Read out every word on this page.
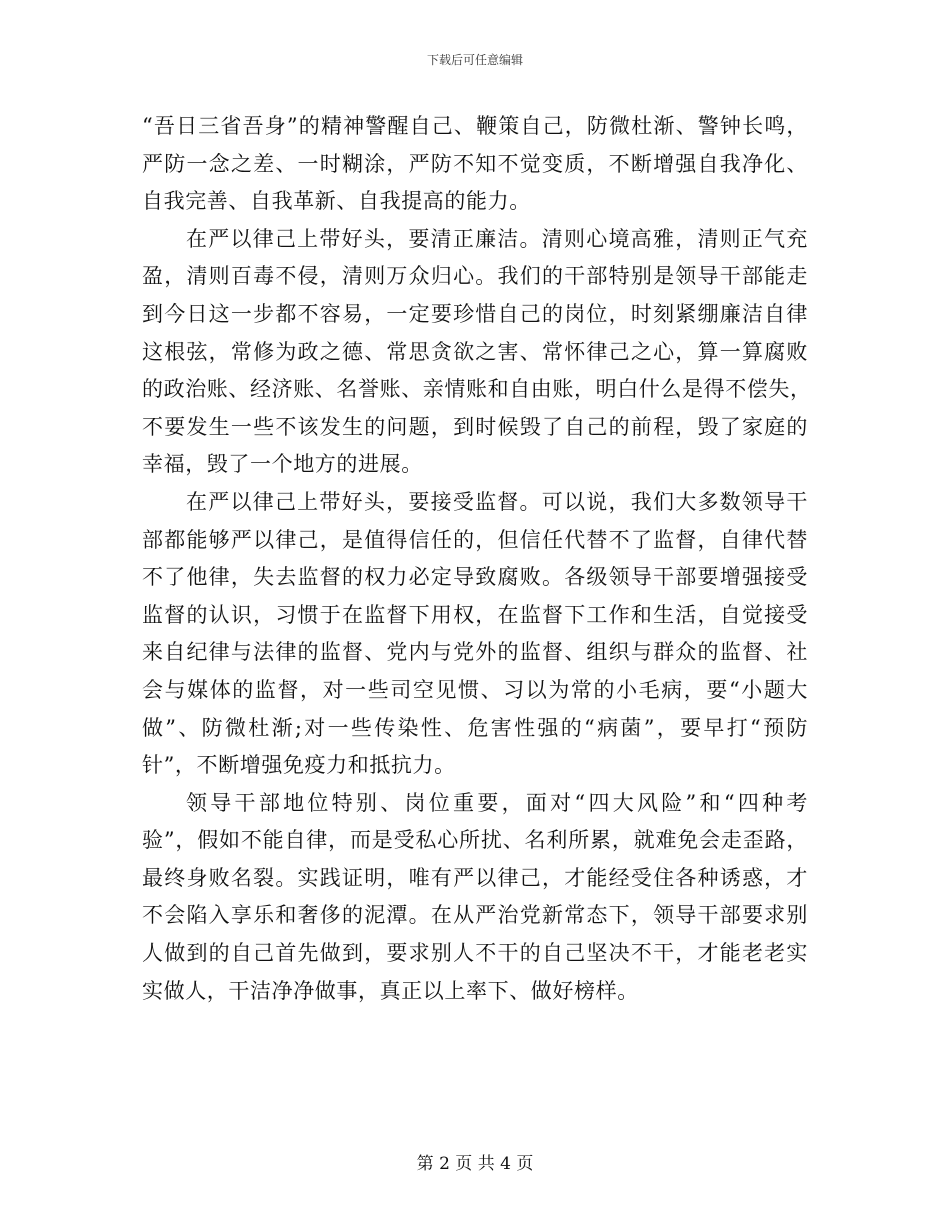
下载后可任意编辑
“吾日三省吾身”的精神警醒自己、鞭策自己，防微杜渐、警钟长鸣，
严防一念之差、一时糊涂，严防不知不觉变质，不断增强自我净化、
自我完善、自我革新、自我提高的能力。
在严以律己上带好头，要清正廉洁。清则心境高雅，清则正气充
盈，清则百毒不侵，清则万众归心。我们的干部特别是领导干部能走
到今日这一步都不容易，一定要珍惜自己的岗位，时刻紧绷廉洁自律
这根弦，常修为政之德、常思贪欲之害、常怀律己之心，算一算腐败
的政治账、经济账、名誉账、亲情账和自由账，明白什么是得不偿失，
不要发生一些不该发生的问题，到时候毁了自己的前程，毁了家庭的
幸福，毁了一个地方的进展。
在严以律己上带好头，要接受监督。可以说，我们大多数领导干
部都能够严以律己，是值得信任的，但信任代替不了监督，自律代替
不了他律，失去监督的权力必定导致腐败。各级领导干部要增强接受
监督的认识，习惯于在监督下用权，在监督下工作和生活，自觉接受
来自纪律与法律的监督、党内与党外的监督、组织与群众的监督、社
会与媒体的监督，对一些司空见惯、习以为常的小毛病，要“小题大
做”、防微杜渐;对一些传染性、危害性强的“病菌”，要早打“预防
针”，不断增强免疫力和抵抗力。
领导干部地位特别、岗位重要，面对“四大风险”和“四种考
验”，假如不能自律，而是受私心所扰、名利所累，就难免会走歪路，
最终身败名裂。实践证明，唯有严以律己，才能经受住各种诱惑，才
不会陷入享乐和奢侈的泥潭。在从严治党新常态下，领导干部要求别
人做到的自己首先做到，要求别人不干的自己坚决不干，才能老老实
实做人，干洁净净做事，真正以上率下、做好榜样。
第 2 页 共 4 页
